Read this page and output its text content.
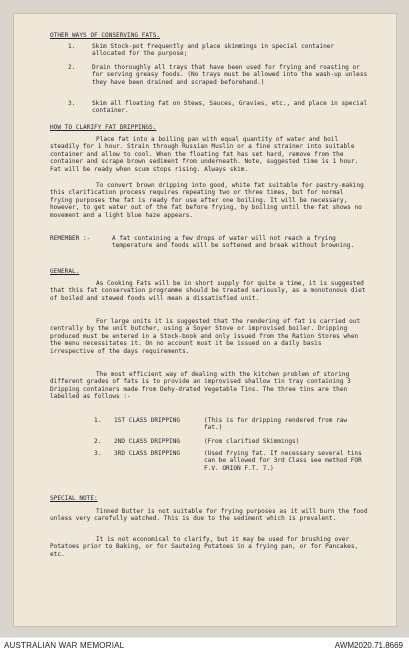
OTHER WAYS OF CONSERVING FATS.

1.	Skim Stock-pot frequently and place skimmings in special container allocated for the purpose;

2.	Drain thoroughly all trays that have been used for frying and roasting or for serving greasy foods. (No trays must be allowed into the wash-up unless they have been drained and scraped beforehand.)

3.	Skim all floating fat on Stews, Sauces, Gravies, etc., and place in special container.

HOW TO CLARIFY FAT DRIPPINGS.

Place fat into a boiling pan with equal quantity of water and boil steadily for 1 hour. Strain through Russian Muslin or a fine strainer into suitable container and allow to cool. When the floating fat has set hard, remove from the container and scrape brown sediment from underneath. Note, suggested time is 1 hour. Fat will be ready when scum stops rising. Always skim.

To convert brown dripping into good, white fat suitable for pastry-making this clarification process requires repeating two or three times, but for normal frying purposes the fat is ready for use after one boiling. It will be necessary, however, to get water out of the fat before frying, by boiling until the fat shows no movement and a light blue haze appears.

REMEMBER :-	A fat containing a few drops of water will not reach a frying temperature and foods will be softened and break without browning.

GENERAL.

As Cooking Fats will be in short supply for quite a time, it is suggested that this fat conservation programme should be treated seriously, as a monotonous diet of boiled and stewed foods will mean a dissatisfied unit.

For large units it is suggested that the rendering of fat is carried out centrally by the unit butcher, using a Soyer Stove or improvised boiler. Dripping produced must be entered in a Stock-book and only issued from the Ration Stores when the menu necessitates it. On no account must it be issued on a daily basis irrespective of the days requirements.

The most efficient way of dealing with the kitchen problem of storing different grades of fats is to provide an improvised shallow tin tray containing 3 Dripping containers made from Dehy-drated Vegetable Tins. The three tins are then labelled as follows :-

1. 1ST CLASS DRIPPING	(This is for dripping rendered from raw fat.)

2. 2ND CLASS DRIPPING	(From clarified Skimmings)

3. 3RD CLASS DRIPPING	(Used frying fat. If necessary several tins can be allowed for 3rd Class see method FOR F.V. ORION F.T. 7.)

SPECIAL NOTE:

Tinned Butter is not suitable for frying purposes as it will burn the food unless very carefully watched. This is due to the sediment which is prevalent.

It is not economical to clarify, but it may be used for brushing over Potatoes prior to Baking, or for Sauteing Potatoes in a frying pan, or for Pancakes, etc.

AUSTRALIAN WAR MEMORIAL	AWM2020.71.8669
